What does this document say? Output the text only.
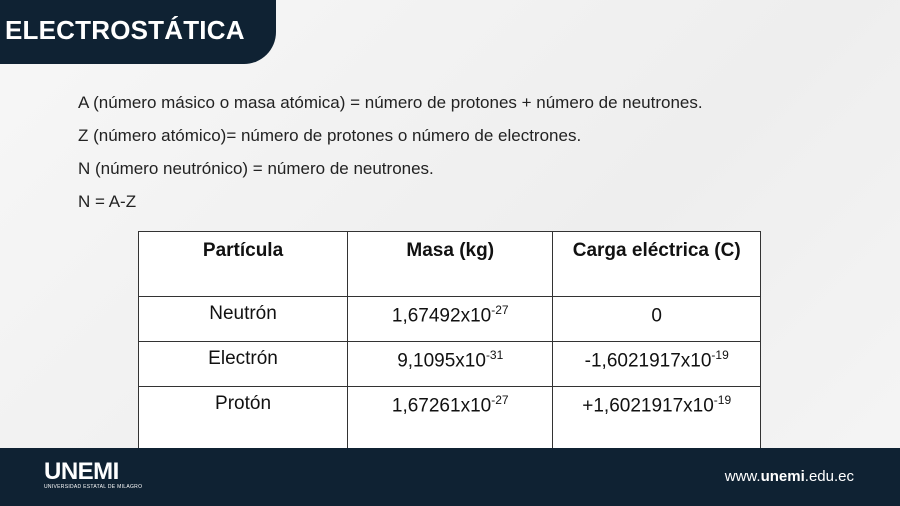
ELECTROSTÁTICA
A (número másico o masa atómica) = número de protones + número de neutrones.
Z (número atómico)= número de protones o número de electrones.
N (número neutrónico) = número de neutrones.
N = A-Z
Partícula	Masa (kg)	Carga eléctrica (C)
Neutrón	$1,67492x10^{-27}$	0
Electrón	$9,1095x10^{-31}$	$-1,6021917x10^{-19}$
Protón	$1,67261x10^{-27}$	$+1,6021917x10^{-19}$
UNEMI
UNIVERSIDAD ESTATAL DE MILAGRO
www.unemi.edu.ec
